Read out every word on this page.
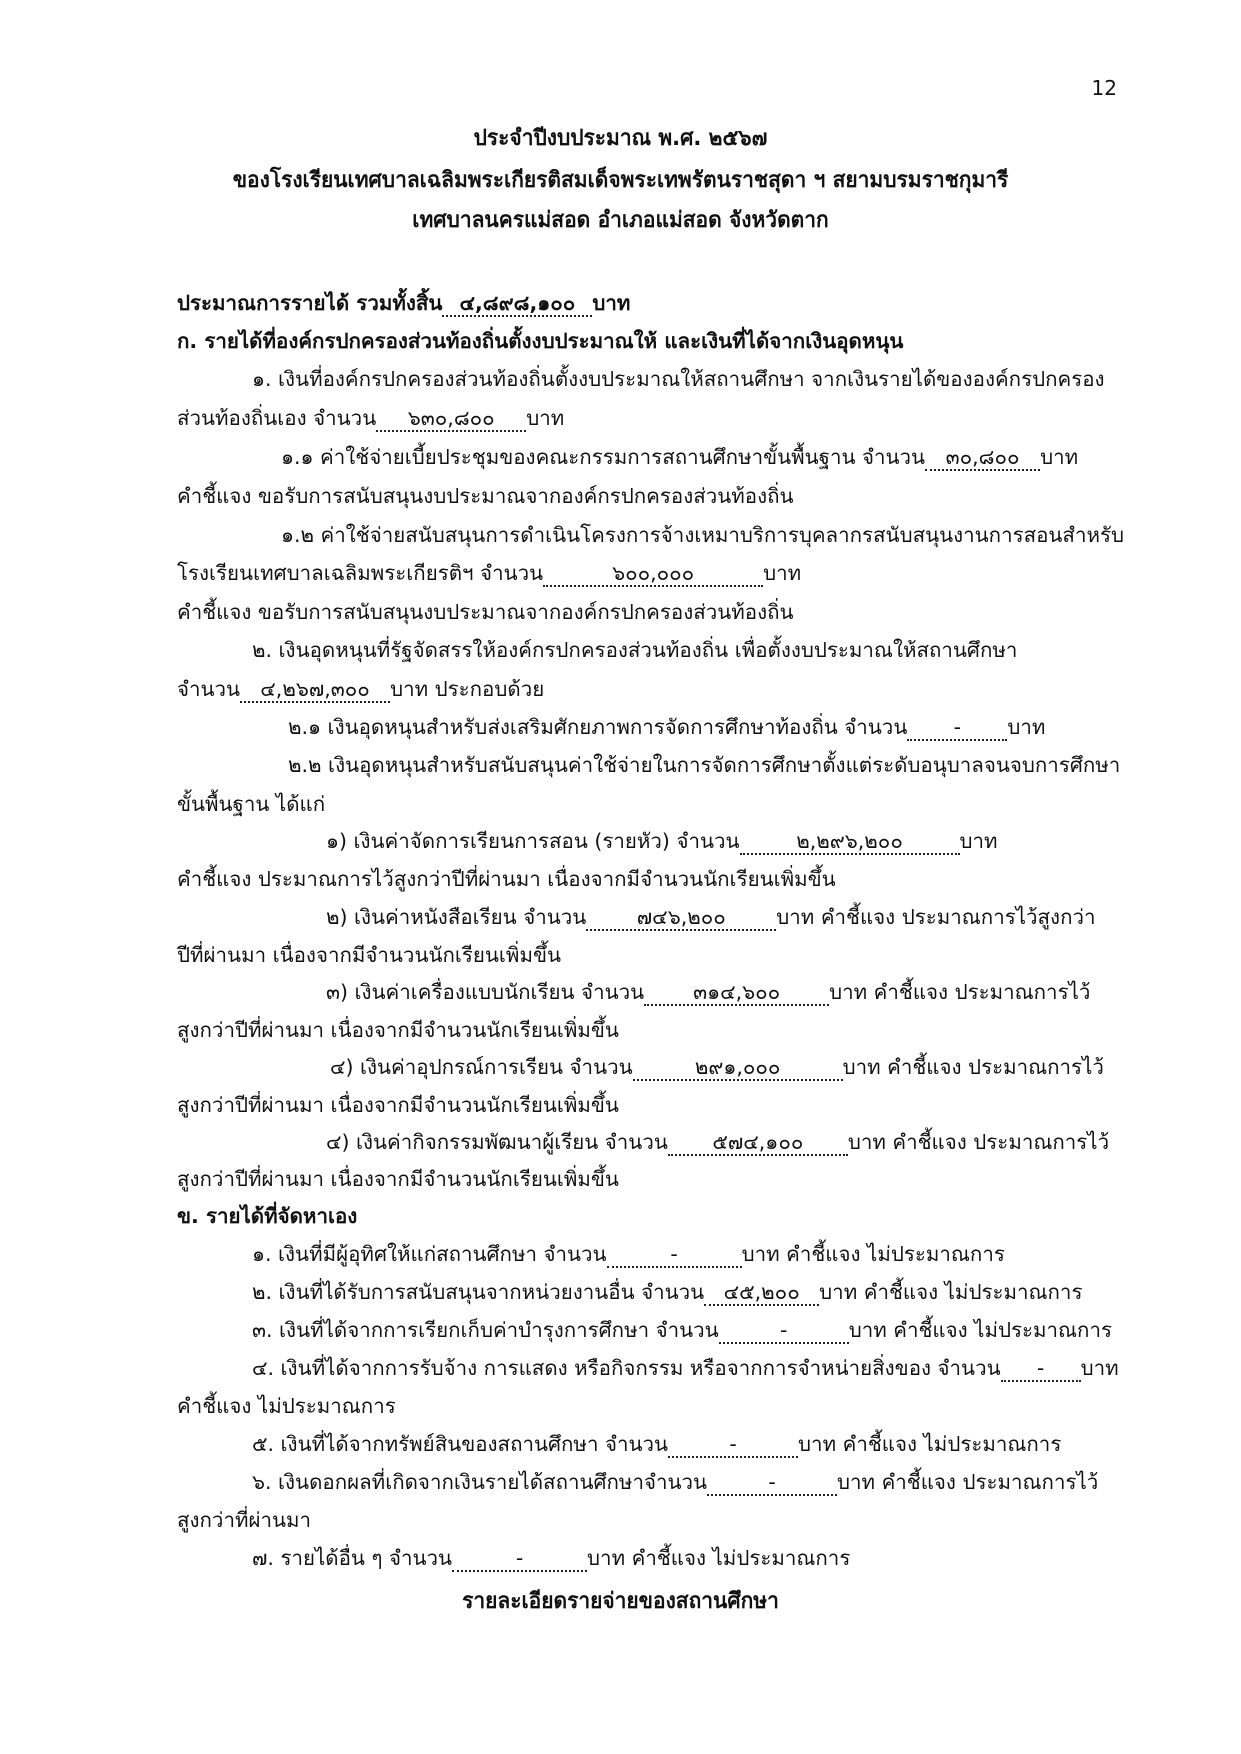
12
ประจำปีงบประมาณ พ.ศ. ๒๕๖๗
ของโรงเรียนเทศบาลเฉลิมพระเกียรติสมเด็จพระเทพรัตนราชสุดา ฯ สยามบรมราชกุมารี
เทศบาลนครแม่สอด อำเภอแม่สอด จังหวัดตาก
ประมาณการรายได้ รวมทั้งสิ้น ๔,๘๙๘,๑๐๐ บาท
ก. รายได้ที่องค์กรปกครองส่วนท้องถิ่นตั้งงบประมาณให้ และเงินที่ได้จากเงินอุดหนุน
๑. เงินที่องค์กรปกครองส่วนท้องถิ่นตั้งงบประมาณให้สถานศึกษา จากเงินรายได้ขององค์กรปกครอง
ส่วนท้องถิ่นเอง จำนวน ๖๓๐,๘๐๐ บาท
๑.๑ ค่าใช้จ่ายเบี้ยประชุมของคณะกรรมการสถานศึกษาขั้นพื้นฐาน จำนวน ๓๐,๘๐๐ บาท
คำชี้แจง ขอรับการสนับสนุนงบประมาณจากองค์กรปกครองส่วนท้องถิ่น
๑.๒ ค่าใช้จ่ายสนับสนุนการดำเนินโครงการจ้างเหมาบริการบุคลากรสนับสนุนงานการสอนสำหรับ
โรงเรียนเทศบาลเฉลิมพระเกียรติฯ จำนวน	๖๐๐,๐๐๐	บาท
คำชี้แจง ขอรับการสนับสนุนงบประมาณจากองค์กรปกครองส่วนท้องถิ่น
๒. เงินอุดหนุนที่รัฐจัดสรรให้องค์กรปกครองส่วนท้องถิ่น เพื่อตั้งงบประมาณให้สถานศึกษา
จำนวน ๔,๒๖๗,๓๐๐ บาท ประกอบด้วย
๒.๑ เงินอุดหนุนสำหรับส่งเสริมศักยภาพการจัดการศึกษาท้องถิ่น จำนวน - บาท
๒.๒ เงินอุดหนุนสำหรับสนับสนุนค่าใช้จ่ายในการจัดการศึกษาตั้งแต่ระดับอนุบาลจนจบการศึกษา
ขั้นพื้นฐาน ได้แก่
๑) เงินค่าจัดการเรียนการสอน (รายหัว) จำนวน	๒,๒๙๖,๒๐๐	บาท
คำชี้แจง ประมาณการไว้สูงกว่าปีที่ผ่านมา เนื่องจากมีจำนวนนักเรียนเพิ่มขึ้น
๒) เงินค่าหนังสือเรียน จำนวน ๗๔๖,๒๐๐ บาท คำชี้แจง ประมาณการไว้สูงกว่า
ปีที่ผ่านมา เนื่องจากมีจำนวนนักเรียนเพิ่มขึ้น
๓) เงินค่าเครื่องแบบนักเรียน จำนวน ๓๑๔,๖๐๐ บาท คำชี้แจง ประมาณการไว้
สูงกว่าปีที่ผ่านมา เนื่องจากมีจำนวนนักเรียนเพิ่มขึ้น
๔) เงินค่าอุปกรณ์การเรียน จำนวน	๒๙๑,๐๐๐	บาท คำชี้แจง ประมาณการไว้
สูงกว่าปีที่ผ่านมา เนื่องจากมีจำนวนนักเรียนเพิ่มขึ้น
๔) เงินค่ากิจกรรมพัฒนาผู้เรียน จำนวน ๕๗๔,๑๐๐ บาท คำชี้แจง ประมาณการไว้
สูงกว่าปีที่ผ่านมา เนื่องจากมีจำนวนนักเรียนเพิ่มขึ้น
ข. รายได้ที่จัดหาเอง
๑. เงินที่มีผู้อุทิศให้แก่สถานศึกษา จำนวน	-	บาท คำชี้แจง ไม่ประมาณการ
๒. เงินที่ได้รับการสนับสนุนจากหน่วยงานอื่น จำนวน ๔๕,๒๐๐ บาท คำชี้แจง ไม่ประมาณการ
๓. เงินที่ได้จากการเรียกเก็บค่าบำรุงการศึกษา จำนวน	-	บาท คำชี้แจง ไม่ประมาณการ
๔. เงินที่ได้จากการรับจ้าง การแสดง หรือกิจกรรม หรือจากการจำหน่ายสิ่งของ จำนวน - บาท
คำชี้แจง ไม่ประมาณการ
๕. เงินที่ได้จากทรัพย์สินของสถานศึกษา จำนวน	-	บาท คำชี้แจง ไม่ประมาณการ
๖. เงินดอกผลที่เกิดจากเงินรายได้สถานศึกษาจำนวน	-	บาท คำชี้แจง ประมาณการไว้
สูงกว่าที่ผ่านมา
๗. รายได้อื่น ๆ จำนวน	-	บาท คำชี้แจง ไม่ประมาณการ
รายละเอียดรายจ่ายของสถานศึกษา
